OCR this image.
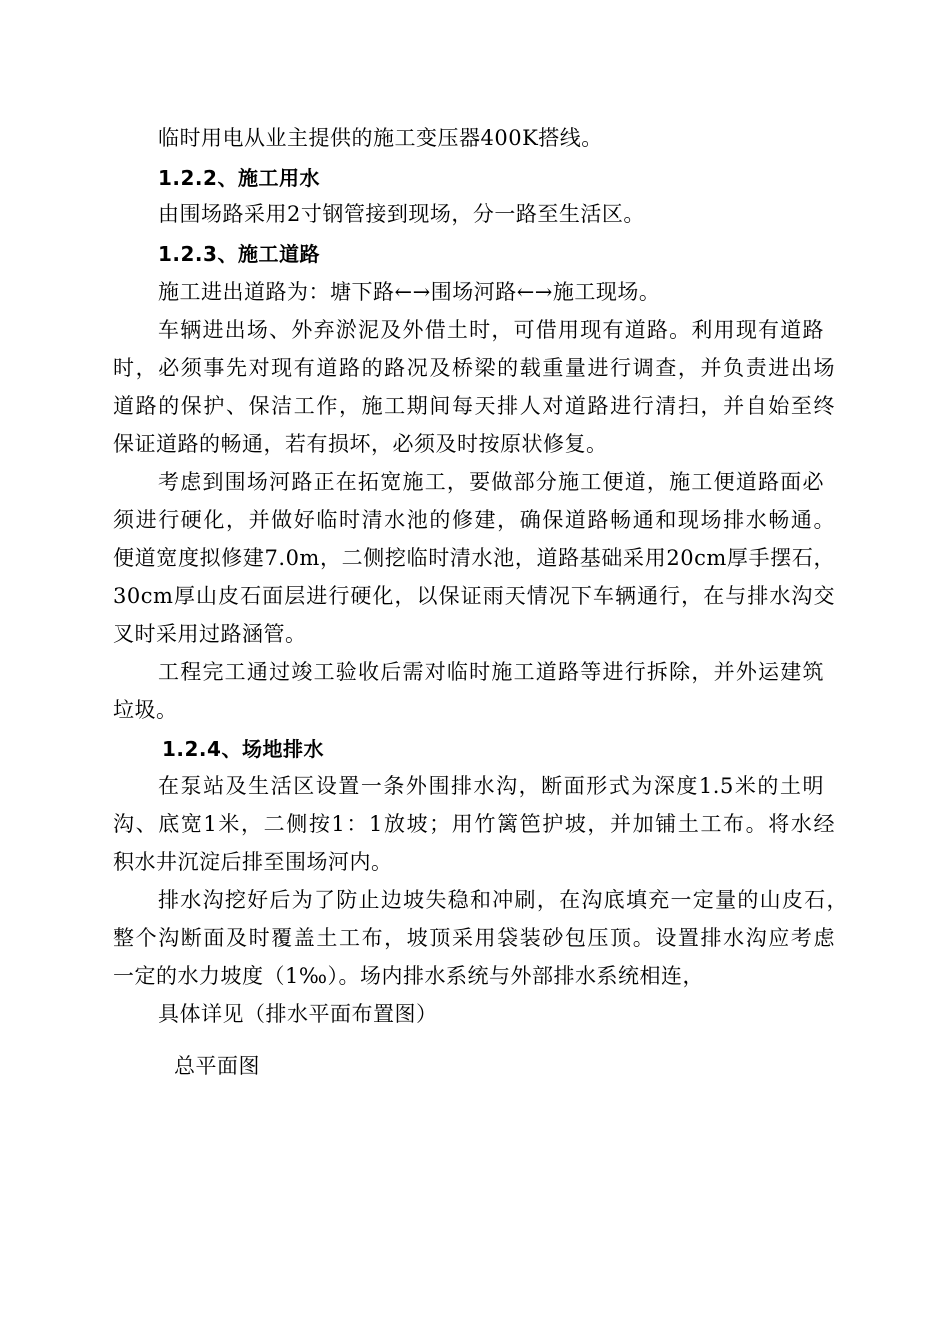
临时用电从业主提供的施工变压器400K搭线。
1.2.2、施工用水
由围场路采用2寸钢管接到现场，分一路至生活区。
1.2.3、施工道路
施工进出道路为：塘下路←→围场河路←→施工现场。
车辆进出场、外弃淤泥及外借土时，可借用现有道路。利用现有道路
时，必须事先对现有道路的路况及桥梁的载重量进行调查，并负责进出场
道路的保护、保洁工作，施工期间每天排人对道路进行清扫，并自始至终
保证道路的畅通，若有损坏，必须及时按原状修复。
考虑到围场河路正在拓宽施工，要做部分施工便道，施工便道路面必
须进行硬化，并做好临时清水池的修建，确保道路畅通和现场排水畅通。
便道宽度拟修建7.0m，二侧挖临时清水池，道路基础采用20cm厚手摆石，
30cm厚山皮石面层进行硬化，以保证雨天情况下车辆通行，在与排水沟交
叉时采用过路涵管。
工程完工通过竣工验收后需对临时施工道路等进行拆除，并外运建筑
垃圾。
1.2.4、场地排水
在泵站及生活区设置一条外围排水沟，断面形式为深度1.5米的土明
沟、底宽1米，二侧按1：1放坡；用竹篱笆护坡，并加铺土工布。将水经
积水井沉淀后排至围场河内。
排水沟挖好后为了防止边坡失稳和冲刷，在沟底填充一定量的山皮石，
整个沟断面及时覆盖土工布，坡顶采用袋装砂包压顶。设置排水沟应考虑
一定的水力坡度（1‰）。场内排水系统与外部排水系统相连，
具体详见（排水平面布置图）
总平面图
